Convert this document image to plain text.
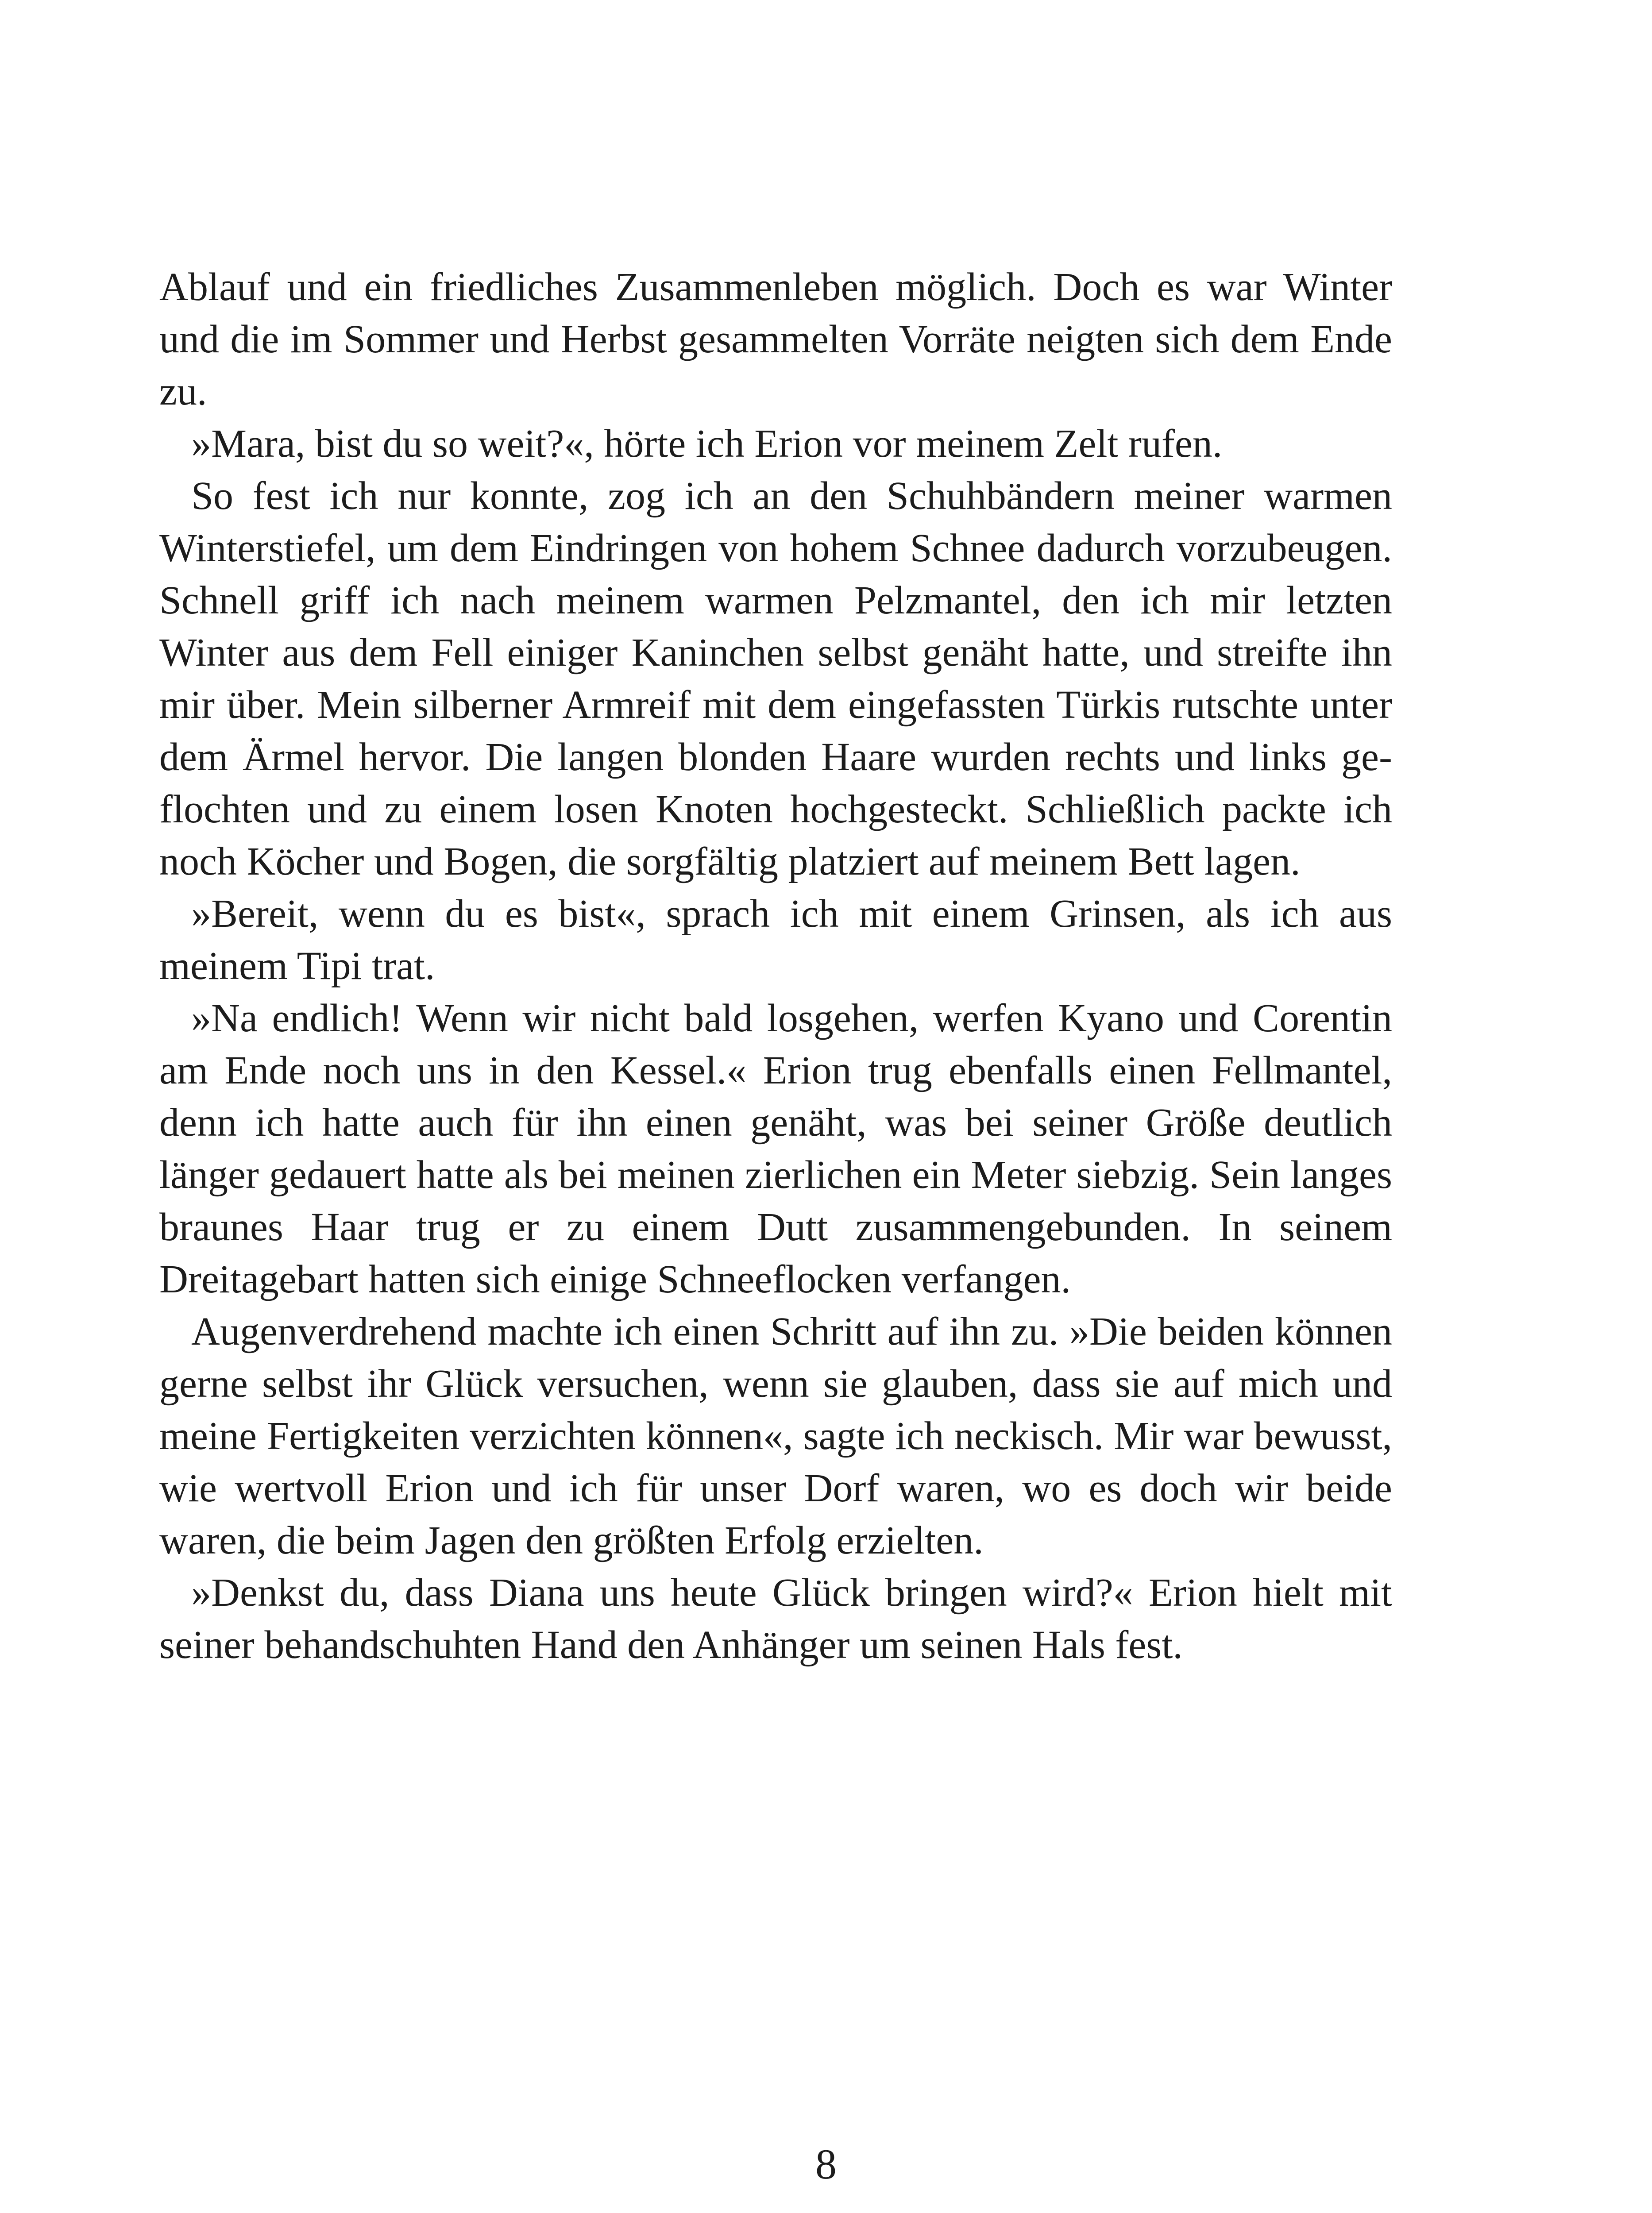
Ablauf und ein friedliches Zusammenleben möglich. Doch es war Winter und die im Sommer und Herbst gesammelten Vorräte neigten sich dem Ende zu.

»Mara, bist du so weit?«, hörte ich Erion vor meinem Zelt rufen.

So fest ich nur konnte, zog ich an den Schuhbändern meiner warmen Winterstiefel, um dem Eindringen von hohem Schnee dadurch vorzubeugen. Schnell griff ich nach meinem warmen Pelzmantel, den ich mir letzten Winter aus dem Fell einiger Kaninchen selbst genäht hatte, und streifte ihn mir über. Mein silberner Armreif mit dem eingefassten Türkis rutschte unter dem Ärmel hervor. Die langen blonden Haare wurden rechts und links geflochten und zu einem losen Knoten hochgesteckt. Schließlich packte ich noch Köcher und Bogen, die sorgfältig platziert auf meinem Bett lagen.

»Bereit, wenn du es bist«, sprach ich mit einem Grinsen, als ich aus meinem Tipi trat.

»Na endlich! Wenn wir nicht bald losgehen, werfen Kyano und Corentin am Ende noch uns in den Kessel.« Erion trug ebenfalls einen Fellmantel, denn ich hatte auch für ihn einen genäht, was bei seiner Größe deutlich länger gedauert hatte als bei meinen zierlichen ein Meter siebzig. Sein langes braunes Haar trug er zu einem Dutt zusammengebunden. In seinem Dreitagebart hatten sich einige Schneeflocken verfangen.

Augenverdrehend machte ich einen Schritt auf ihn zu. »Die beiden können gerne selbst ihr Glück versuchen, wenn sie glauben, dass sie auf mich und meine Fertigkeiten verzichten können«, sagte ich neckisch. Mir war bewusst, wie wertvoll Erion und ich für unser Dorf waren, wo es doch wir beide waren, die beim Jagen den größten Erfolg erzielten.

»Denkst du, dass Diana uns heute Glück bringen wird?« Erion hielt mit seiner behandschuhten Hand den Anhänger um seinen Hals fest.

8
